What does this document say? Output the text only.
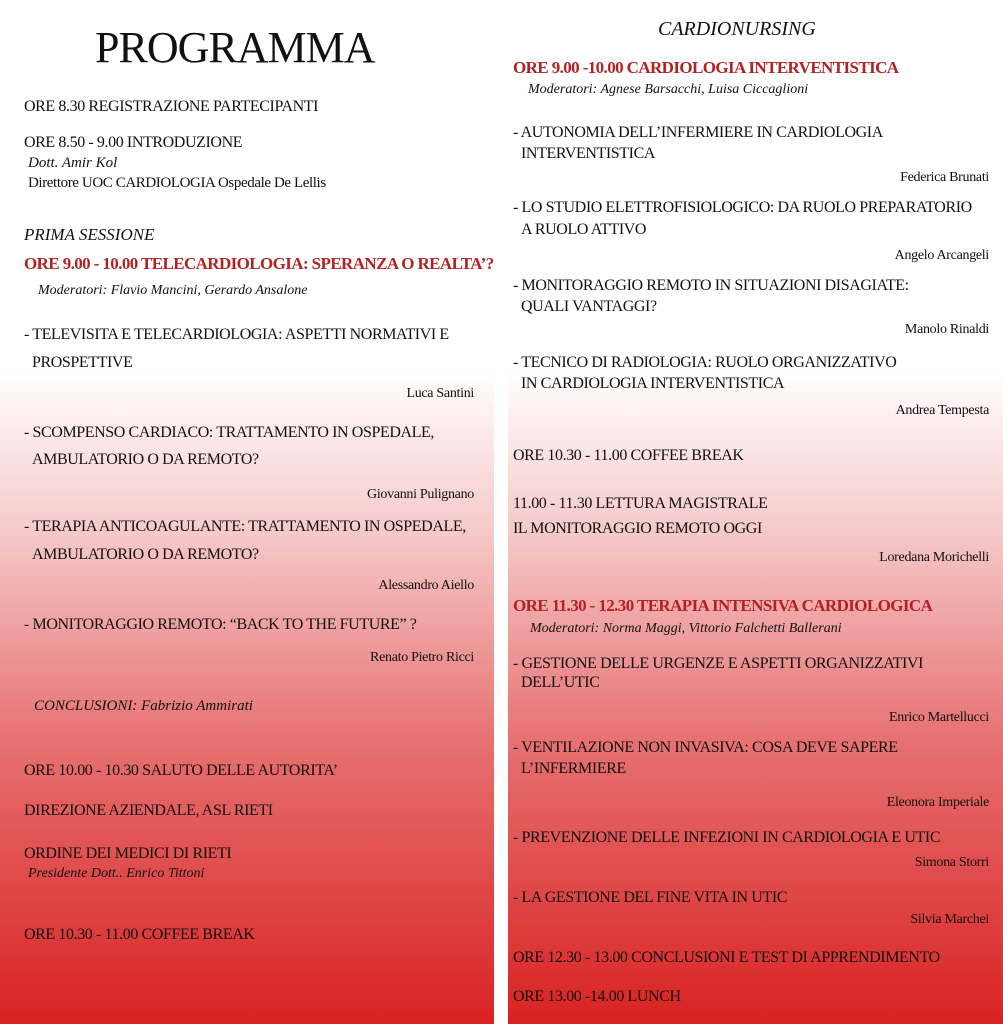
PROGRAMMA
ORE 8.30 REGISTRAZIONE PARTECIPANTI
ORE 8.50 - 9.00 INTRODUZIONE
Dott. Amir Kol
Direttore UOC CARDIOLOGIA Ospedale De Lellis
PRIMA SESSIONE
ORE 9.00 - 10.00 TELECARDIOLOGIA: SPERANZA O REALTA’?
Moderatori: Flavio Mancini, Gerardo Ansalone
- TELEVISITA E TELECARDIOLOGIA: ASPETTI NORMATIVI E
PROSPETTIVE
Luca Santini
- SCOMPENSO CARDIACO: TRATTAMENTO IN OSPEDALE,
AMBULATORIO O DA REMOTO?
Giovanni Pulignano
- TERAPIA ANTICOAGULANTE: TRATTAMENTO IN OSPEDALE,
AMBULATORIO O DA REMOTO?
Alessandro Aiello
- MONITORAGGIO REMOTO: “BACK TO THE FUTURE” ?
Renato Pietro Ricci
CONCLUSIONI: Fabrizio Ammirati
ORE 10.00 - 10.30 SALUTO DELLE AUTORITA’
DIREZIONE AZIENDALE, ASL RIETI
ORDINE DEI MEDICI DI RIETI
Presidente Dott.. Enrico Tittoni
ORE 10.30 - 11.00 COFFEE BREAK
CARDIONURSING
ORE 9.00 -10.00 CARDIOLOGIA INTERVENTISTICA
Moderatori: Agnese Barsacchi, Luisa Ciccaglioni
- AUTONOMIA DELL’INFERMIERE IN CARDIOLOGIA
INTERVENTISTICA
Federica Brunati
- LO STUDIO ELETTROFISIOLOGICO: DA RUOLO PREPARATORIO
A RUOLO ATTIVO
Angelo Arcangeli
- MONITORAGGIO REMOTO IN SITUAZIONI DISAGIATE:
QUALI VANTAGGI?
Manolo Rinaldi
- TECNICO DI RADIOLOGIA: RUOLO ORGANIZZATIVO
IN CARDIOLOGIA INTERVENTISTICA
Andrea Tempesta
ORE 10.30 - 11.00 COFFEE BREAK
11.00 - 11.30 LETTURA MAGISTRALE
IL MONITORAGGIO REMOTO OGGI
Loredana Morichelli
ORE 11.30 - 12.30 TERAPIA INTENSIVA CARDIOLOGICA
Moderatori: Norma Maggi, Vittorio Falchetti Ballerani
- GESTIONE DELLE URGENZE E ASPETTI ORGANIZZATIVI
DELL’UTIC
Enrico Martellucci
- VENTILAZIONE NON INVASIVA: COSA DEVE SAPERE
L’INFERMIERE
Eleonora Imperiale
- PREVENZIONE DELLE INFEZIONI IN CARDIOLOGIA E UTIC
Simona Storri
- LA GESTIONE DEL FINE VITA IN UTIC
Silvia Marchei
ORE 12.30 - 13.00 CONCLUSIONI E TEST DI APPRENDIMENTO
ORE 13.00 -14.00 LUNCH
